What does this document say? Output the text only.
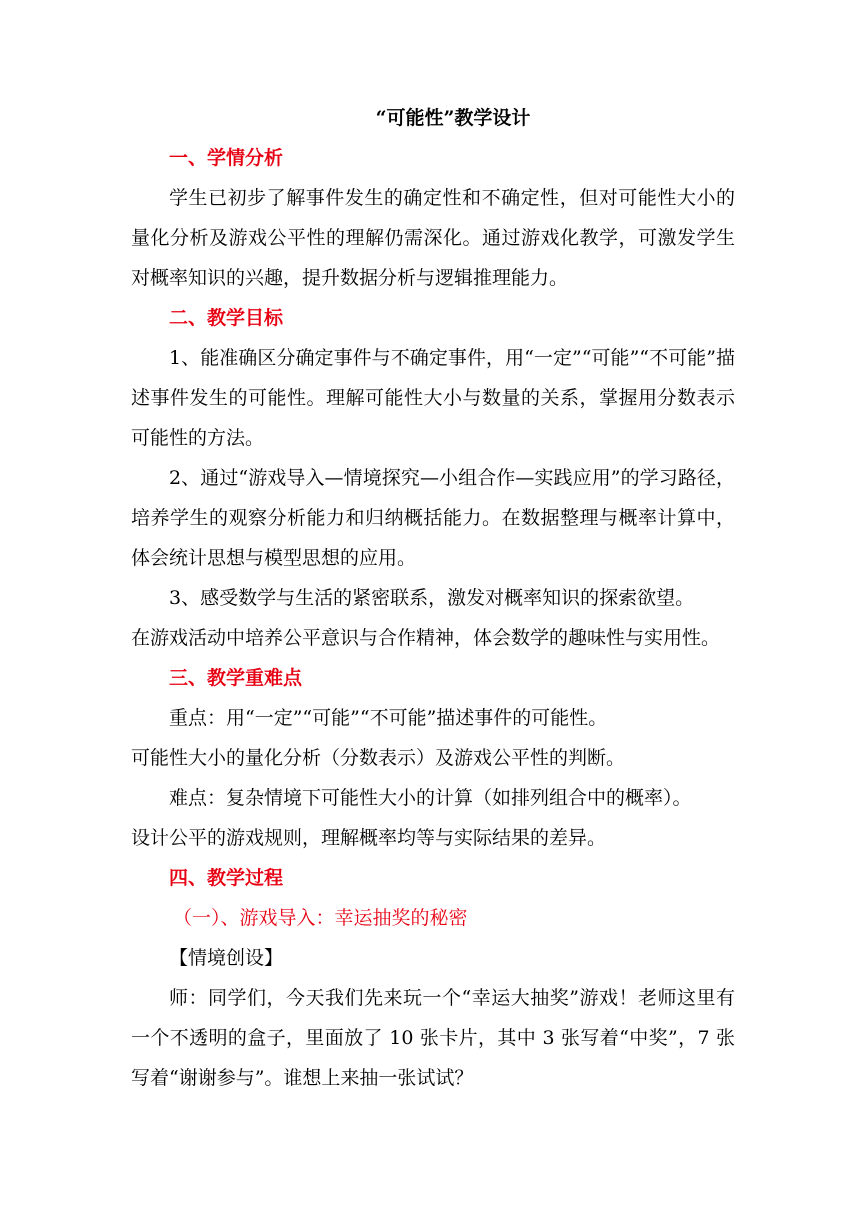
“可能性”教学设计

一、学情分析

学生已初步了解事件发生的确定性和不确定性，但对可能性大小的量化分析及游戏公平性的理解仍需深化。通过游戏化教学，可激发学生对概率知识的兴趣，提升数据分析与逻辑推理能力。

二、教学目标

1、能准确区分确定事件与不确定事件，用“一定”“可能”“不可能”描述事件发生的可能性。理解可能性大小与数量的关系，掌握用分数表示可能性的方法。

2、通过“游戏导入—情境探究—小组合作—实践应用”的学习路径，培养学生的观察分析能力和归纳概括能力。在数据整理与概率计算中，体会统计思想与模型思想的应用。

3、感受数学与生活的紧密联系，激发对概率知识的探索欲望。

在游戏活动中培养公平意识与合作精神，体会数学的趣味性与实用性。

三、教学重难点

重点：用“一定”“可能”“不可能”描述事件的可能性。

可能性大小的量化分析（分数表示）及游戏公平性的判断。

难点：复杂情境下可能性大小的计算（如排列组合中的概率）。

设计公平的游戏规则，理解概率均等与实际结果的差异。

四、教学过程

（一）、游戏导入：幸运抽奖的秘密

【情境创设】

师：同学们，今天我们先来玩一个“幸运大抽奖”游戏！老师这里有一个不透明的盒子，里面放了 10 张卡片，其中 3 张写着“中奖”，7 张写着“谢谢参与”。谁想上来抽一张试试？
